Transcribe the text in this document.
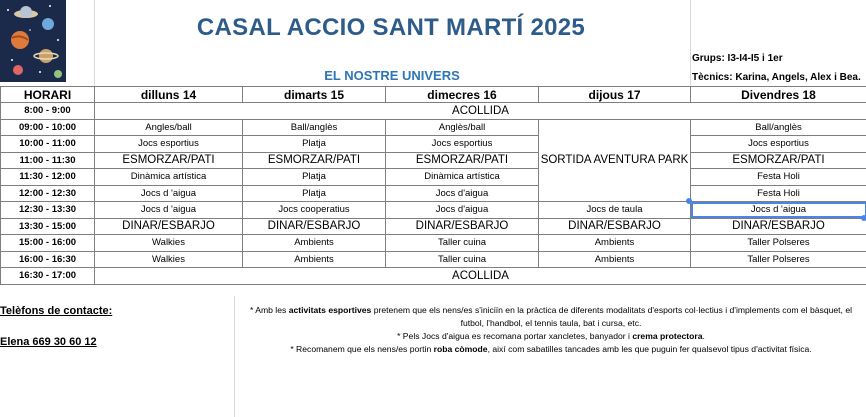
CASAL ACCIO SANT MARTÍ 2025
EL NOSTRE UNIVERS
Grups: I3-I4-I5 i 1er
Tècnics: Karina, Angels, Alex i Bea.
HORARI	dilluns 14	dimarts 15	dimecres 16	dijous 17	Divendres 18
8:00 - 9:00	ACOLLIDA				
09:00 - 10:00	Angles/ball	Ball/anglès	Anglès/ball	SORTIDA AVENTURA PARK	Ball/anglès
10:00 - 11:00	Jocs esportius	Platja	Jocs esportius		Jocs esportius
11:00 - 11:30	ESMORZAR/PATI	ESMORZAR/PATI	ESMORZAR/PATI		ESMORZAR/PATI
11:30 - 12:00	Dinàmica artística	Platja	Dinàmica artística		Festa Holi
12:00 - 12:30	Jocs d 'aigua	Platja	Jocs d'aigua		Festa Holi
12:30 - 13:30	Jocs d 'aigua	Jocs cooperatius	Jocs d'aigua	Jocs de taula	Jocs d 'aigua
13:30 - 15:00	DINAR/ESBARJO	DINAR/ESBARJO	DINAR/ESBARJO	DINAR/ESBARJO	DINAR/ESBARJO
15:00 - 16:00	Walkies	Ambients	Taller cuina	Ambients	Taller Polseres
16:00 - 16:30	Walkies	Ambients	Taller cuina	Ambients	Taller Polseres
16:30 - 17:00	ACOLLIDA				
Telèfons de contacte:
Elena 669 30 60 12

* Amb les activitats esportives pretenem que els nens/es s'iniciïn en la pràctica de diferents modalitats d'esports col·lectius i d'implements com el bàsquet, el futbol, l'handbol, el tennis taula, bat i cursa, etc.

* Pels Jocs d'aigua es recomana portar xancletes, banyador i crema protectora.

* Recomanem que els nens/es portin roba còmode, així com sabatilles tancades amb les que puguin fer qualsevol tipus d'activitat física.
